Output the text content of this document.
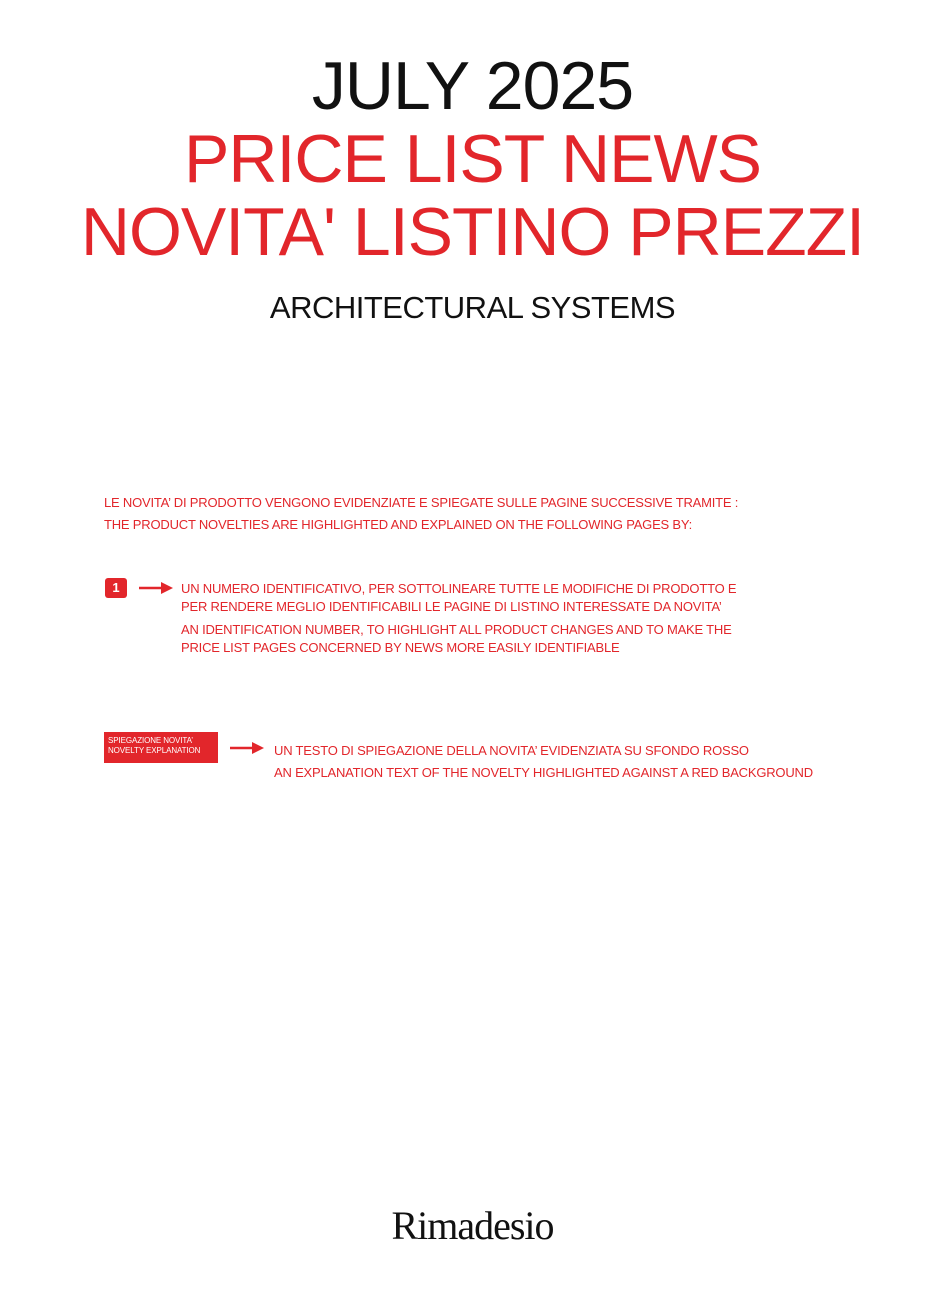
JULY 2025
PRICE LIST NEWS
NOVITA' LISTINO PREZZI
ARCHITECTURAL SYSTEMS
LE NOVITA’ DI PRODOTTO VENGONO EVIDENZIATE E SPIEGATE SULLE PAGINE SUCCESSIVE TRAMITE :
THE PRODUCT NOVELTIES ARE HIGHLIGHTED AND EXPLAINED ON THE FOLLOWING PAGES BY:
1	UN NUMERO IDENTIFICATIVO, PER SOTTOLINEARE TUTTE LE MODIFICHE DI PRODOTTO E
PER RENDERE MEGLIO IDENTIFICABILI LE PAGINE DI LISTINO INTERESSATE DA NOVITA’
AN IDENTIFICATION NUMBER, TO HIGHLIGHT ALL PRODUCT CHANGES AND TO MAKE THE
PRICE LIST PAGES CONCERNED BY NEWS MORE EASILY IDENTIFIABLE
SPIEGAZIONE NOVITA’
NOVELTY EXPLANATION	UN TESTO DI SPIEGAZIONE DELLA NOVITA’ EVIDENZIATA SU SFONDO ROSSO
AN EXPLANATION TEXT OF THE NOVELTY HIGHLIGHTED AGAINST A RED BACKGROUND
Rimadesio
